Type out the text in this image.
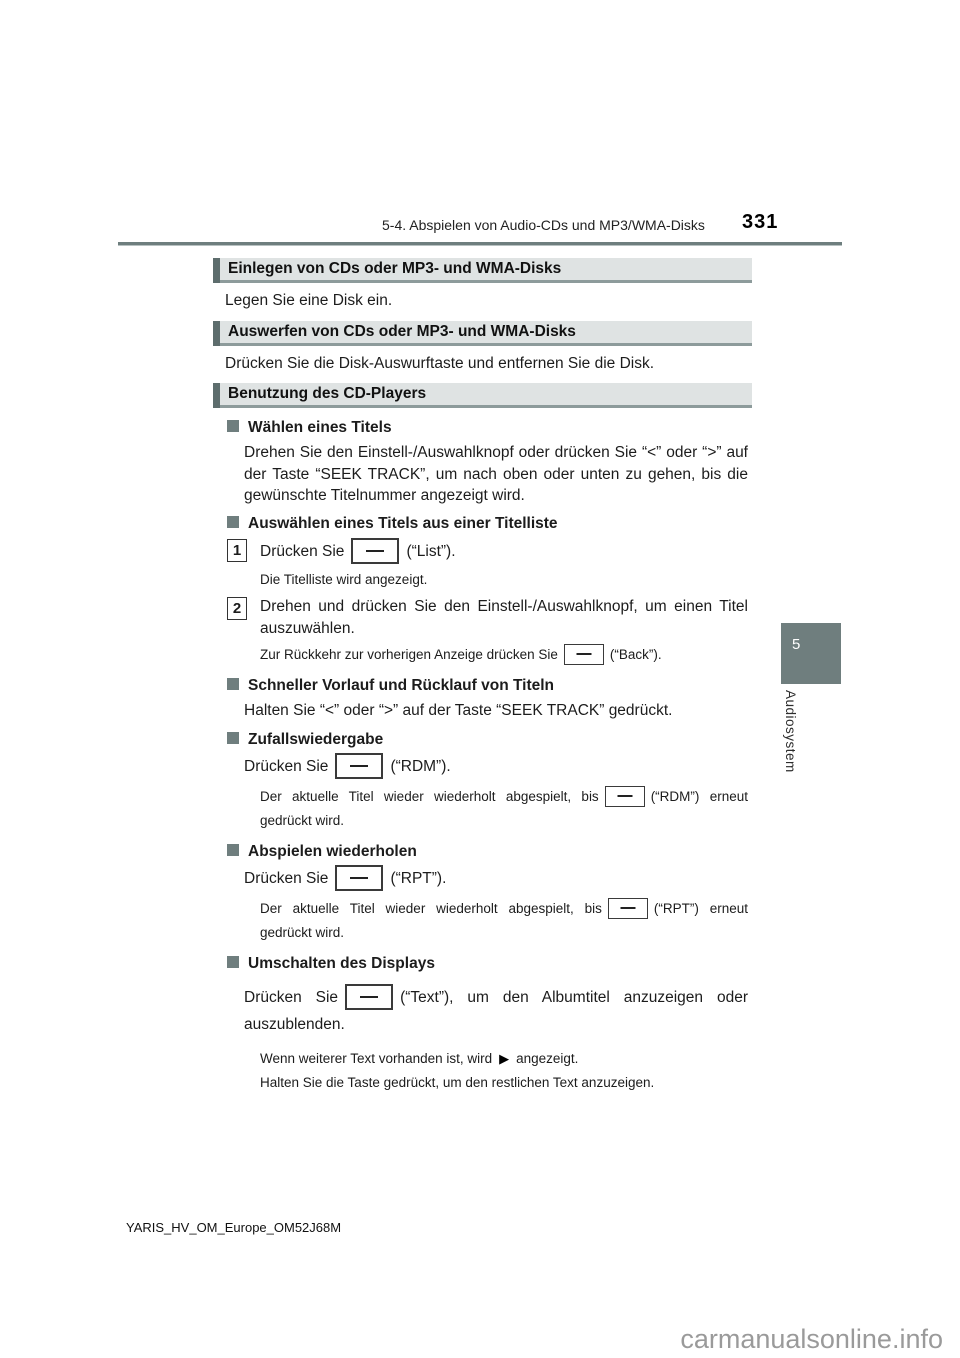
5-4. Abspielen von Audio-CDs und MP3/WMA-Disks 331
5
Audiosystem
Einlegen von CDs oder MP3- und WMA-Disks
Legen Sie eine Disk ein.
Auswerfen von CDs oder MP3- und WMA-Disks
Drücken Sie die Disk-Auswurftaste und entfernen Sie die Disk.
Benutzung des CD-Players
Wählen eines Titels
Drehen Sie den Einstell-/Auswahlknopf oder drücken Sie “<” oder “>” auf der Taste “SEEK TRACK”, um nach oben oder unten zu gehen, bis die gewünschte Titelnummer angezeigt wird.
Auswählen eines Titels aus einer Titelliste
1	Drücken Sie	(“List”).
Die Titelliste wird angezeigt.
2	Drehen und drücken Sie den Einstell-/Auswahlknopf, um einen Titel auszuwählen.
Zur Rückkehr zur vorherigen Anzeige drücken Sie	(“Back”).
Schneller Vorlauf und Rücklauf von Titeln
Halten Sie “<” oder “>” auf der Taste “SEEK TRACK” gedrückt.
Zufallswiedergabe
Drücken Sie	(“RDM”).
Der aktuelle Titel wieder wiederholt abgespielt, bis	(“RDM”) erneut gedrückt wird.
Abspielen wiederholen
Drücken Sie	(“RPT”).
Der aktuelle Titel wieder wiederholt abgespielt, bis	(“RPT”) erneut gedrückt wird.
Umschalten des Displays
Drücken Sie	(“Text”), um den Albumtitel anzuzeigen oder auszublenden.
Wenn weiterer Text vorhanden ist, wird ▶ angezeigt.
Halten Sie die Taste gedrückt, um den restlichen Text anzuzeigen.
YARIS_HV_OM_Europe_OM52J68M
carmanualsonline.info
